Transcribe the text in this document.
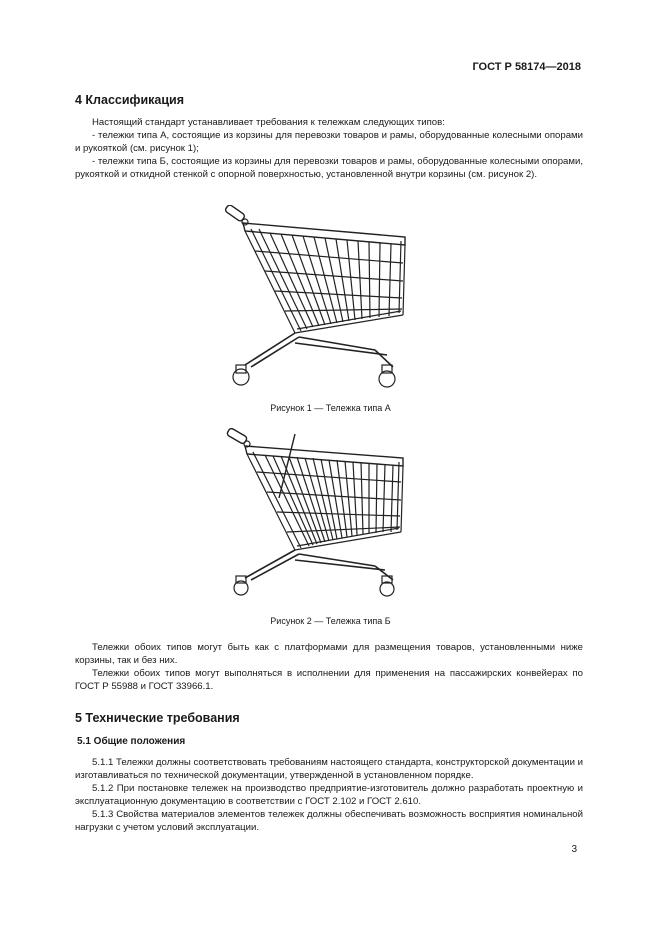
ГОСТ Р 58174—2018
4 Классификация

Настоящий стандарт устанавливает требования к тележкам следующих типов:

- тележки типа А, состоящие из корзины для перевозки товаров и рамы, оборудованные колесными опорами и рукояткой (см. рисунок 1);

- тележки типа Б, состоящие из корзины для перевозки товаров и рамы, оборудованные колесными опорами, рукояткой и откидной стенкой с опорной поверхностью, установленной внутри корзины (см. рисунок 2).

Рисунок 1 — Тележка типа А

Рисунок 2 — Тележка типа Б

Тележки обоих типов могут быть как с платформами для размещения товаров, установленными ниже корзины, так и без них.

Тележки обоих типов могут выполняться в исполнении для применения на пассажирских конвейерах по ГОСТ Р 55988 и ГОСТ 33966.1.

5 Технические требования
5.1 Общие положения

5.1.1 Тележки должны соответствовать требованиям настоящего стандарта, конструкторской документации и изготавливаться по технической документации, утвержденной в установленном порядке.

5.1.2 При постановке тележек на производство предприятие-изготовитель должно разработать проектную и эксплуатационную документацию в соответствии с ГОСТ 2.102 и ГОСТ 2.610.

5.1.3 Свойства материалов элементов тележек должны обеспечивать возможность восприятия номинальной нагрузки с учетом условий эксплуатации.

3
